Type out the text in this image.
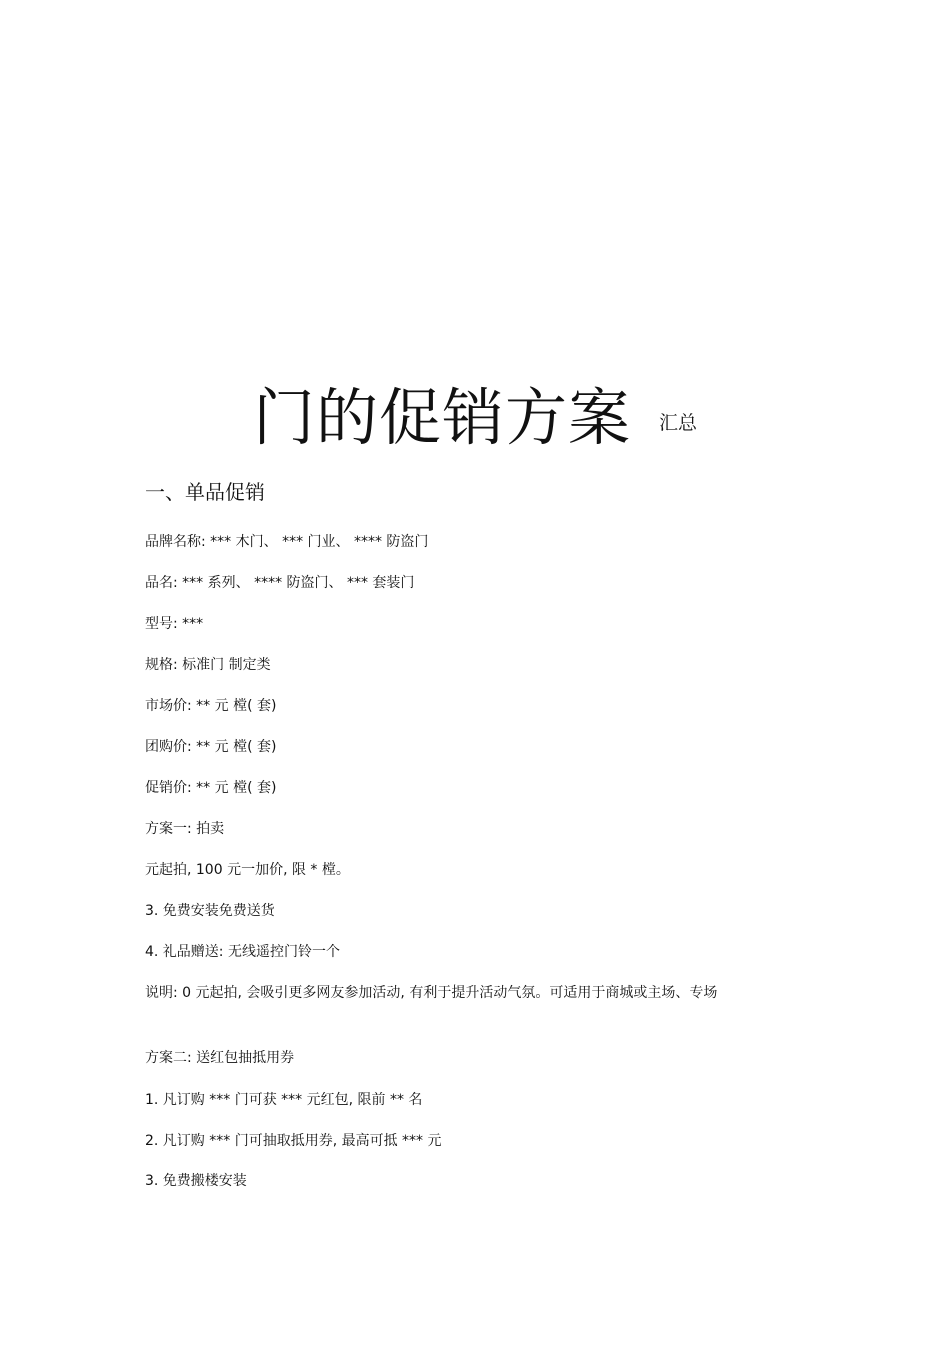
门的促销方案 汇总
一、单品促销
品牌名称: *** 木门、 *** 门业、 **** 防盗门
品名: *** 系列、 **** 防盗门、 *** 套装门
型号: ***
规格: 标准门 制定类
市场价: ** 元 樘( 套)
团购价: ** 元 樘( 套)
促销价: ** 元 樘( 套)
方案一: 拍卖
元起拍, 100 元一加价, 限 * 樘。
3. 免费安装免费送货
4. 礼品赠送: 无线遥控门铃一个
说明: 0 元起拍, 会吸引更多网友参加活动, 有利于提升活动气氛。可适用于商城或主场、专场
方案二: 送红包抽抵用券
1. 凡订购 *** 门可获 *** 元红包, 限前 ** 名
2. 凡订购 *** 门可抽取抵用券, 最高可抵 *** 元
3. 免费搬楼安装
